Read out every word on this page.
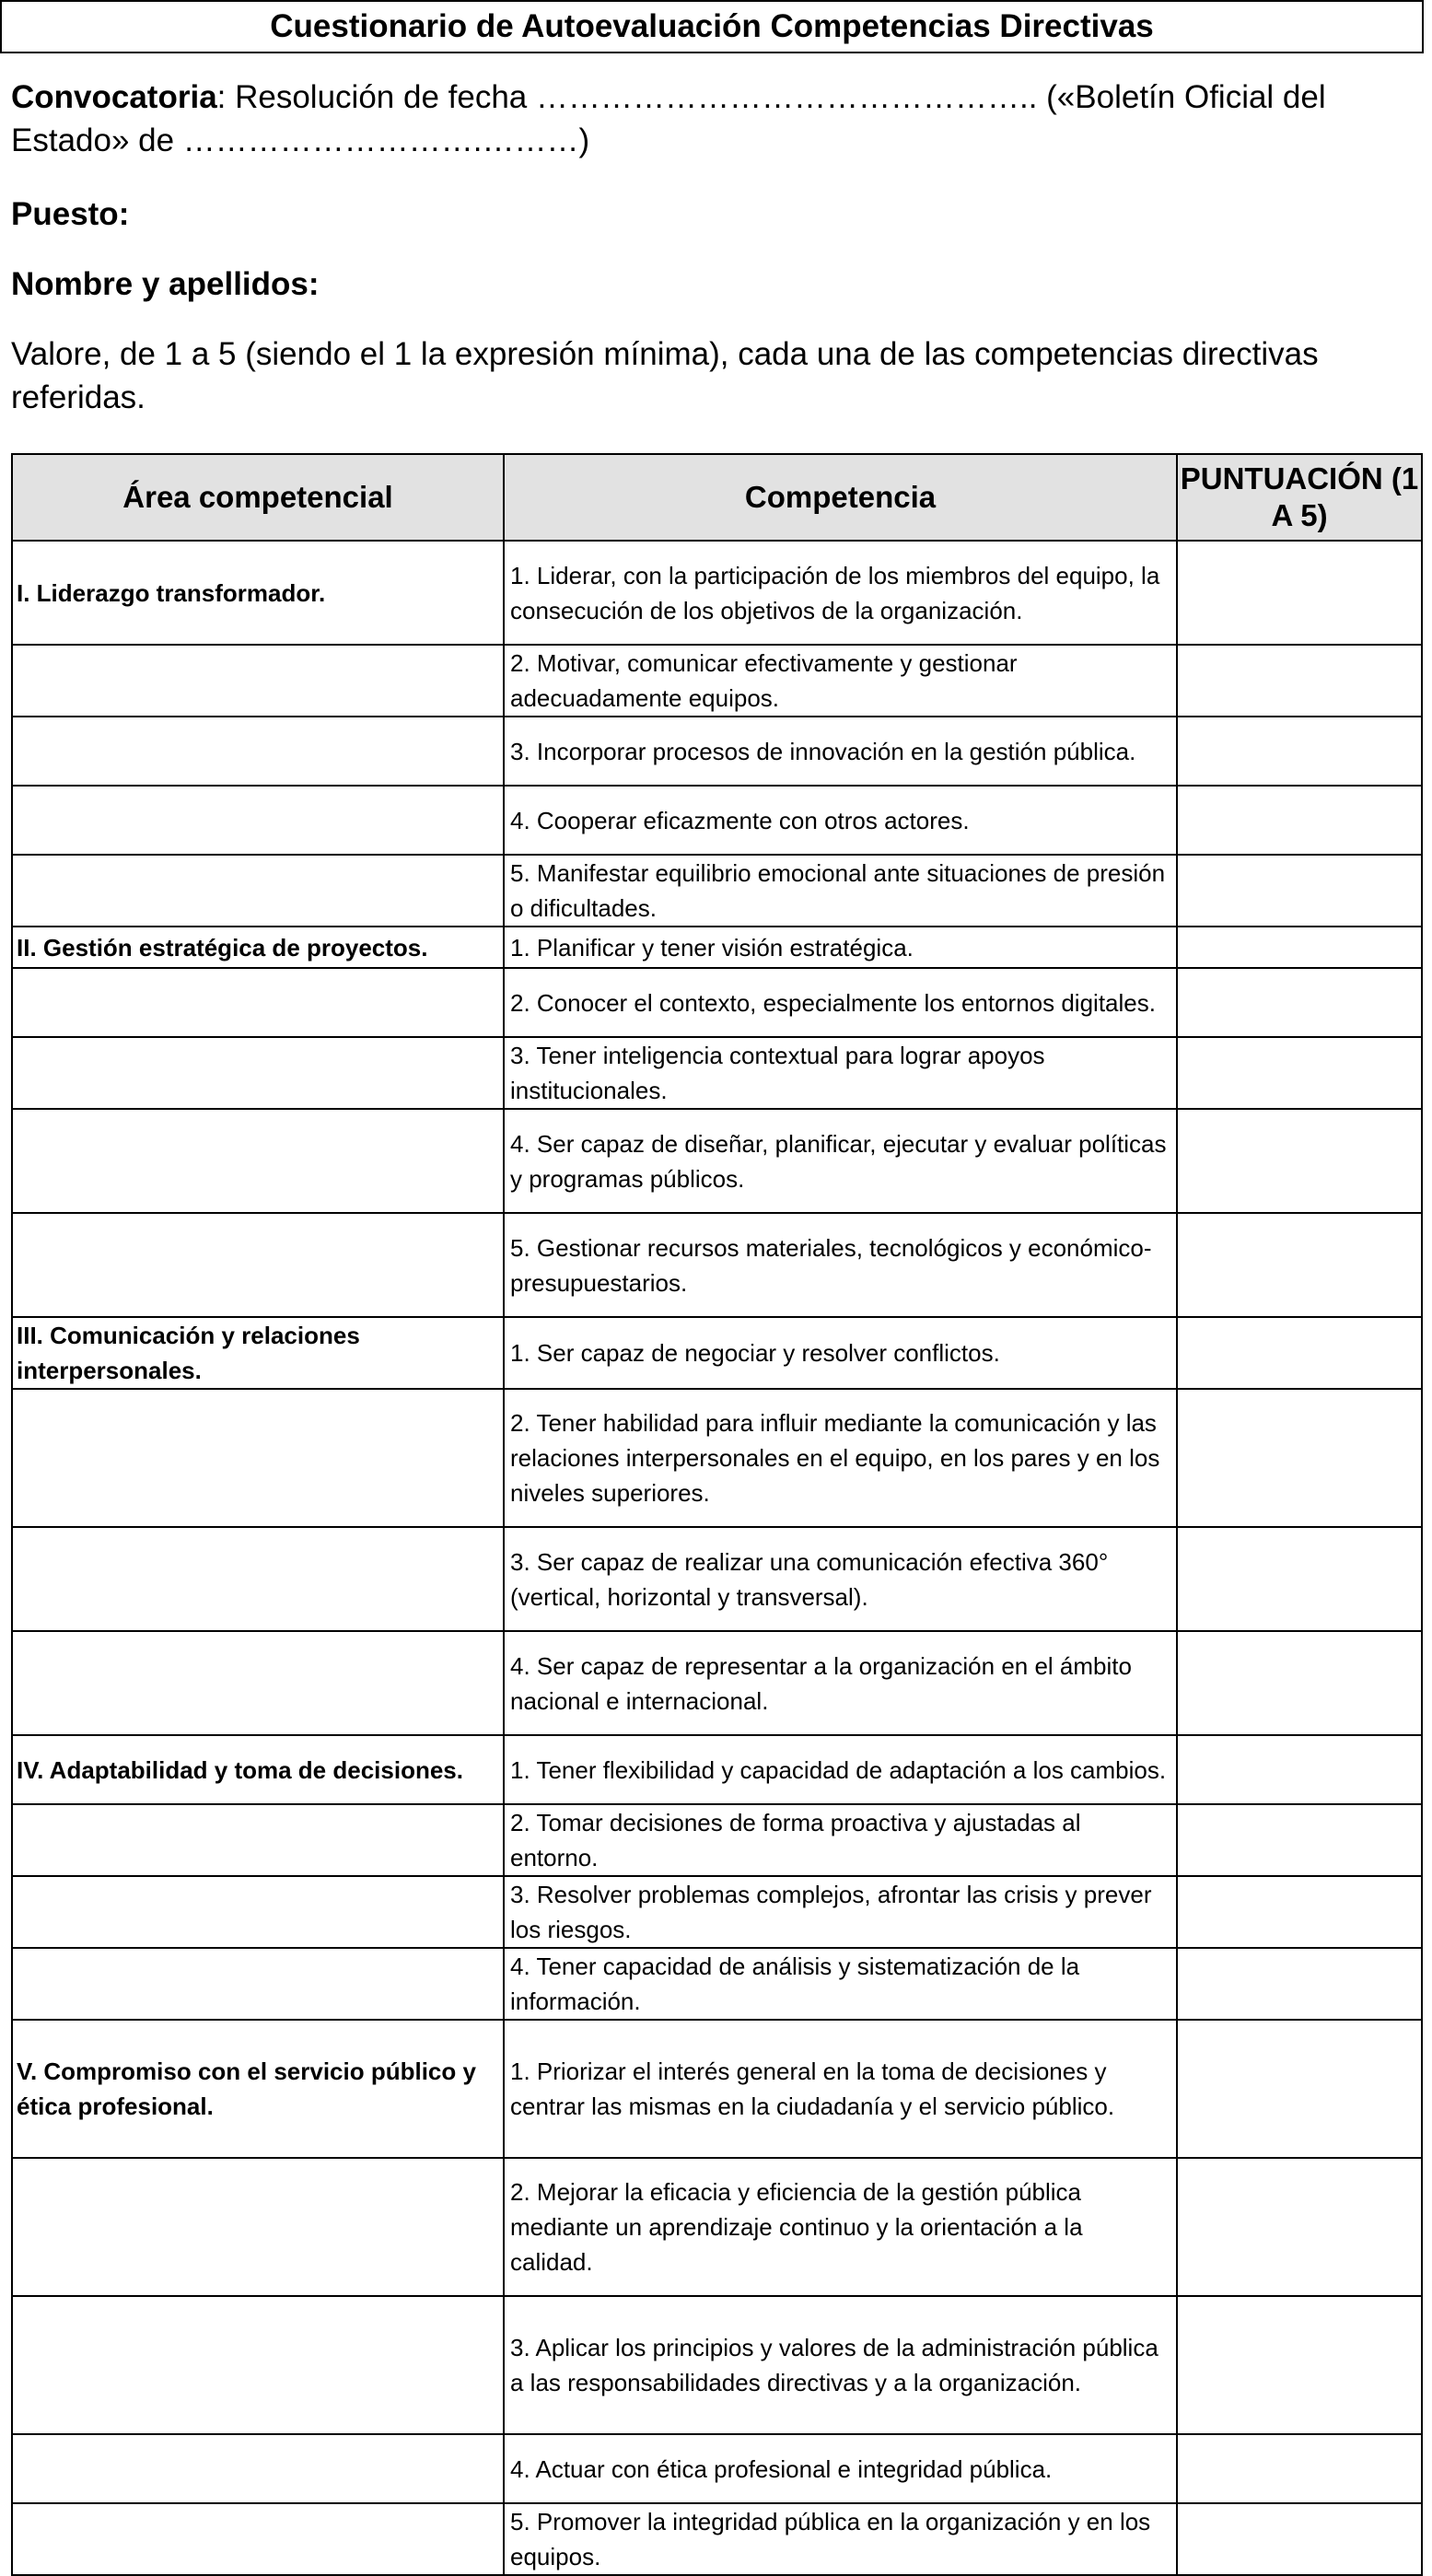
Cuestionario de Autoevaluación Competencias Directivas
Convocatoria: Resolución de fecha ……………………………………….. («Boletín Oficial del Estado» de ……………………….………)
Puesto:
Nombre y apellidos:
Valore, de 1 a 5 (siendo el 1 la expresión mínima), cada una de las competencias directivas referidas.
Área competencial	Competencia	PUNTUACIÓN (1 A 5)
I. Liderazgo transformador.	1. Liderar, con la participación de los miembros del equipo, la consecución de los objetivos de la organización.	
	2. Motivar, comunicar efectivamente y gestionar adecuadamente equipos.	
	3. Incorporar procesos de innovación en la gestión pública.	
	4. Cooperar eficazmente con otros actores.	
	5. Manifestar equilibrio emocional ante situaciones de presión o dificultades.	
II. Gestión estratégica de proyectos.	1. Planificar y tener visión estratégica.	
	2. Conocer el contexto, especialmente los entornos digitales.	
	3. Tener inteligencia contextual para lograr apoyos institucionales.	
	4. Ser capaz de diseñar, planificar, ejecutar y evaluar políticas y programas públicos.	
	5. Gestionar recursos materiales, tecnológicos y económico-presupuestarios.	
III. Comunicación y relaciones interpersonales.	1. Ser capaz de negociar y resolver conflictos.	
	2. Tener habilidad para influir mediante la comunicación y las relaciones interpersonales en el equipo, en los pares y en los niveles superiores.	
	3. Ser capaz de realizar una comunicación efectiva 360° (vertical, horizontal y transversal).	
	4. Ser capaz de representar a la organización en el ámbito nacional e internacional.	
IV. Adaptabilidad y toma de decisiones.	1. Tener flexibilidad y capacidad de adaptación a los cambios.	
	2. Tomar decisiones de forma proactiva y ajustadas al entorno.	
	3. Resolver problemas complejos, afrontar las crisis y prever los riesgos.	
	4. Tener capacidad de análisis y sistematización de la información.	
V. Compromiso con el servicio público y ética profesional.	1. Priorizar el interés general en la toma de decisiones y centrar las mismas en la ciudadanía y el servicio público.	
	2. Mejorar la eficacia y eficiencia de la gestión pública mediante un aprendizaje continuo y la orientación a la calidad.	
	3. Aplicar los principios y valores de la administración pública a las responsabilidades directivas y a la organización.	
	4. Actuar con ética profesional e integridad pública.	
	5. Promover la integridad pública en la organización y en los equipos.	
